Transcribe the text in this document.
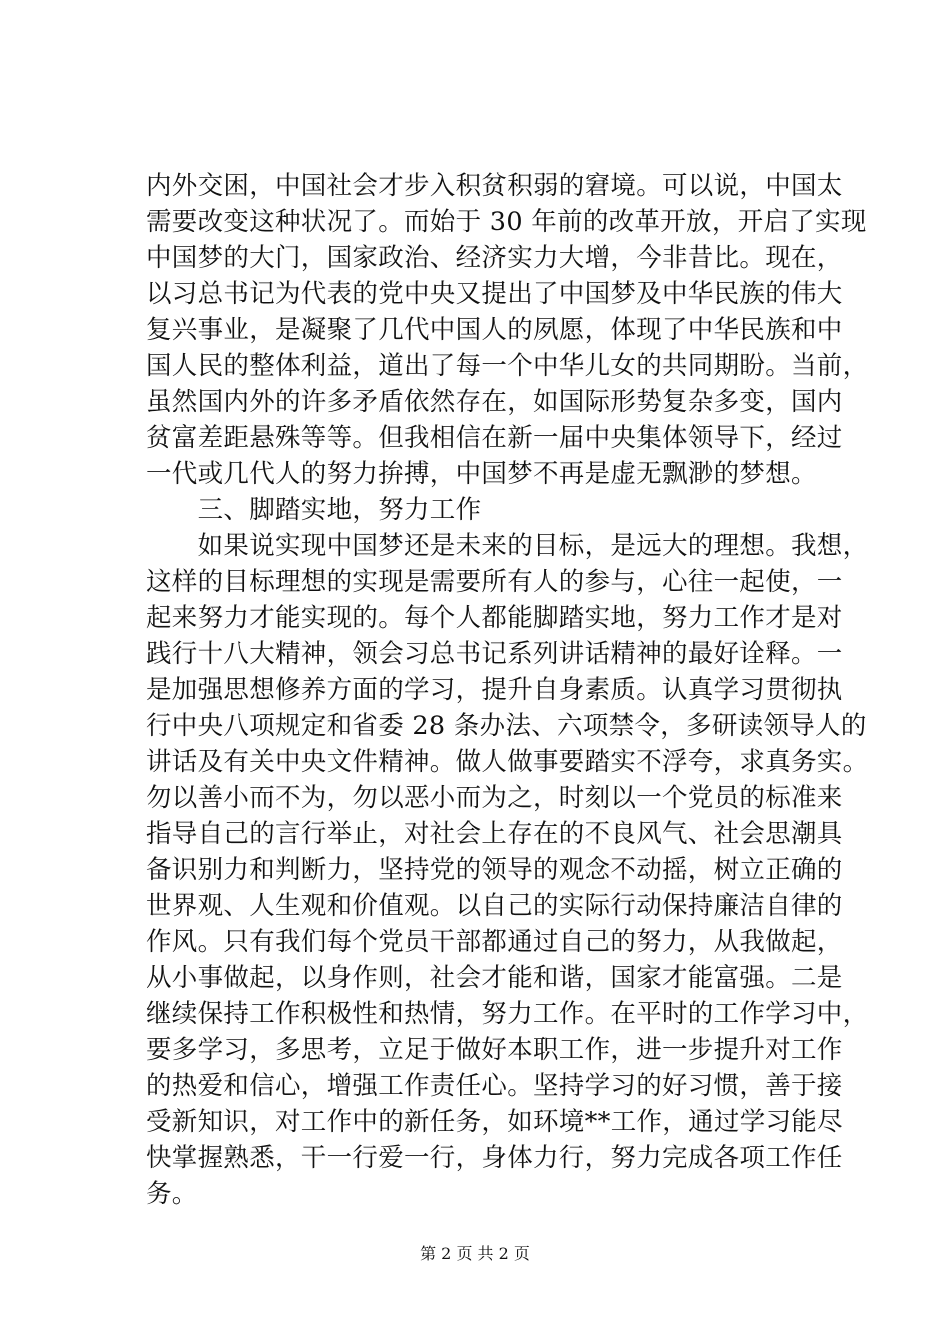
内外交困，中国社会才步入积贫积弱的窘境。可以说，中国太
需要改变这种状况了。而始于 30 年前的改革开放，开启了实现
中国梦的大门，国家政治、经济实力大增，今非昔比。现在，
以习总书记为代表的党中央又提出了中国梦及中华民族的伟大
复兴事业，是凝聚了几代中国人的夙愿，体现了中华民族和中
国人民的整体利益，道出了每一个中华儿女的共同期盼。当前，
虽然国内外的许多矛盾依然存在，如国际形势复杂多变，国内
贫富差距悬殊等等。但我相信在新一届中央集体领导下，经过
一代或几代人的努力拚搏，中国梦不再是虚无飘渺的梦想。
　　三、脚踏实地，努力工作
　　如果说实现中国梦还是未来的目标，是远大的理想。我想，
这样的目标理想的实现是需要所有人的参与，心往一起使，一
起来努力才能实现的。每个人都能脚踏实地，努力工作才是对
践行十八大精神，领会习总书记系列讲话精神的最好诠释。一
是加强思想修养方面的学习，提升自身素质。认真学习贯彻执
行中央八项规定和省委 28 条办法、六项禁令，多研读领导人的
讲话及有关中央文件精神。做人做事要踏实不浮夸，求真务实。
勿以善小而不为，勿以恶小而为之，时刻以一个党员的标准来
指导自己的言行举止，对社会上存在的不良风气、社会思潮具
备识别力和判断力，坚持党的领导的观念不动摇，树立正确的
世界观、人生观和价值观。以自己的实际行动保持廉洁自律的
作风。只有我们每个党员干部都通过自己的努力，从我做起，
从小事做起，以身作则，社会才能和谐，国家才能富强。二是
继续保持工作积极性和热情，努力工作。在平时的工作学习中，
要多学习，多思考，立足于做好本职工作，进一步提升对工作
的热爱和信心，增强工作责任心。坚持学习的好习惯，善于接
受新知识，对工作中的新任务，如环境**工作，通过学习能尽
快掌握熟悉，干一行爱一行，身体力行，努力完成各项工作任
务。
第 2 页 共 2 页
